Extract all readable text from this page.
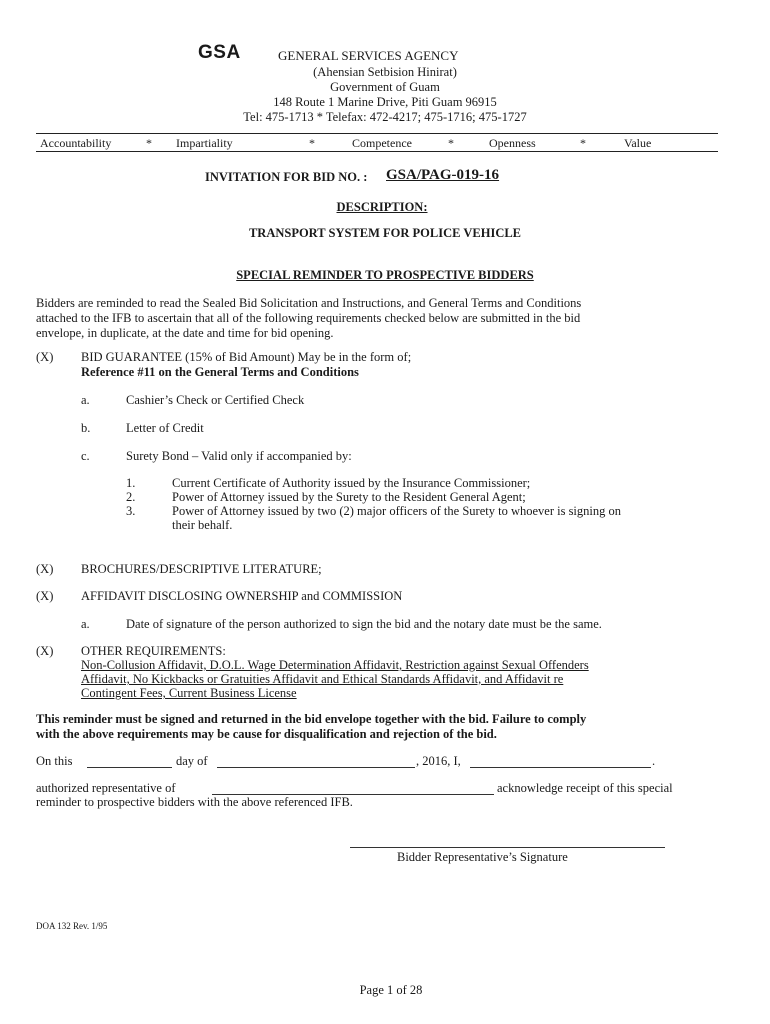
GSA	GENERAL SERVICES AGENCY
(Ahensian Setbision Hinirat)
Government of Guam
148 Route 1 Marine Drive, Piti Guam 96915
Tel: 475-1713 * Telefax: 472-4217; 475-1716; 475-1727
Accountability	* Impartiality	*	Competence	*	Openness	*	Value
INVITATION FOR BID NO. : GSA/PAG-019-16
DESCRIPTION:
TRANSPORT SYSTEM FOR POLICE VEHICLE
SPECIAL REMINDER TO PROSPECTIVE BIDDERS
Bidders are reminded to read the Sealed Bid Solicitation and Instructions, and General Terms and Conditions
attached to the IFB to ascertain that all of the following requirements checked below are submitted in the bid
envelope, in duplicate, at the date and time for bid opening.
(X) BID GUARANTEE (15% of Bid Amount) May be in the form of;
Reference #11 on the General Terms and Conditions
a.	Cashier’s Check or Certified Check
b.	Letter of Credit
c.	Surety Bond – Valid only if accompanied by:
1.	Current Certificate of Authority issued by the Insurance Commissioner;
2.	Power of Attorney issued by the Surety to the Resident General Agent;
3.	Power of Attorney issued by two (2) major officers of the Surety to whoever is signing on
their behalf.
(X) BROCHURES/DESCRIPTIVE LITERATURE;
(X) AFFIDAVIT DISCLOSING OWNERSHIP and COMMISSION
a.	Date of signature of the person authorized to sign the bid and the notary date must be the same.
(X) OTHER REQUIREMENTS:
Non-Collusion Affidavit, D.O.L. Wage Determination Affidavit, Restriction against Sexual Offenders
Affidavit, No Kickbacks or Gratuities Affidavit and Ethical Standards Affidavit, and Affidavit re
Contingent Fees, Current Business License
This reminder must be signed and returned in the bid envelope together with the bid. Failure to comply
with the above requirements may be cause for disqualification and rejection of the bid.
On this	day of	, 2016, I,	.
authorized representative of	acknowledge receipt of this special
reminder to prospective bidders with the above referenced IFB.
Bidder Representative’s Signature
DOA 132 Rev. 1/95
Page 1 of 28
